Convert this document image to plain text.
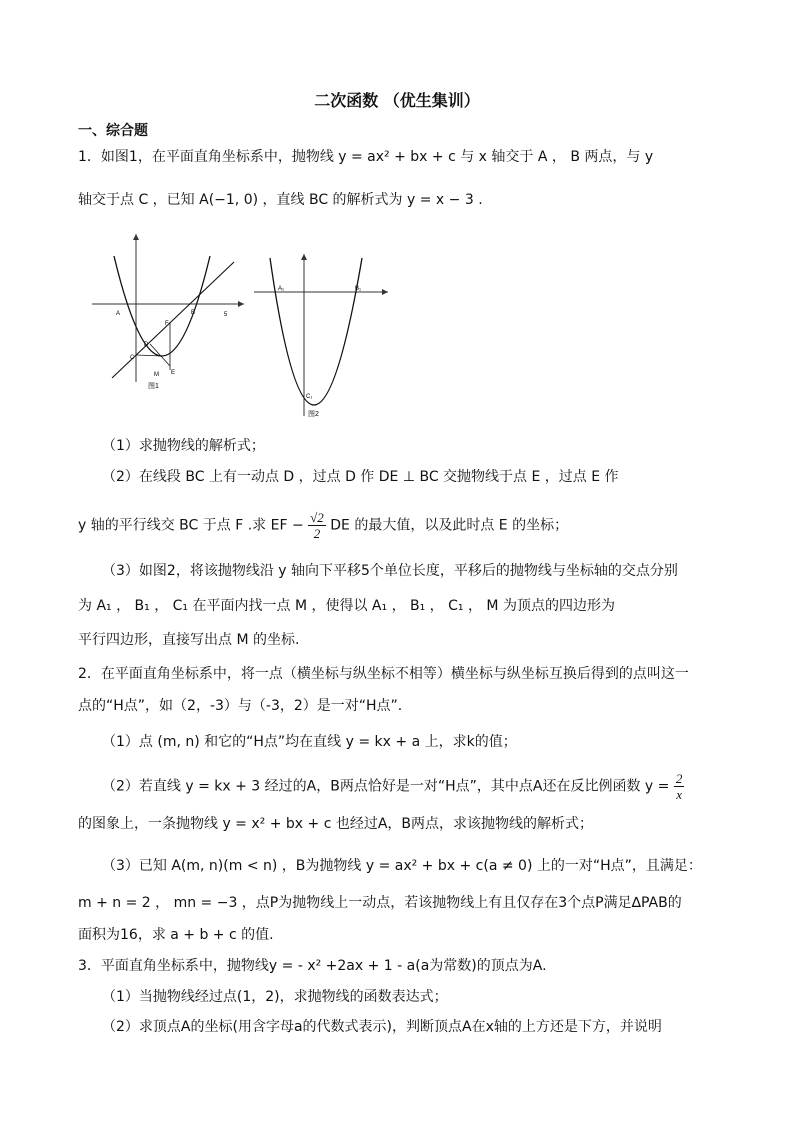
二次函数 （优生集训）
一、综合题
1．如图1，在平面直角坐标系中，抛物线 y = ax² + bx + c 与 x 轴交于 A ， B 两点，与 y
轴交于点 C ，已知 A(−1, 0) ，直线 BC 的解析式为 y = x − 3 .
A	B
C
D
E
F
M
5
图1
A₁	B₁
C₁
图2
（1）求抛物线的解析式；
（2）在线段 BC 上有一动点 D ，过点 D 作 DE ⊥ BC 交抛物线于点 E ，过点 E 作
y 轴的平行线交 BC 于点 F .求 EF − $\frac{√2}{2}$ DE 的最大值，以及此时点 E 的坐标；
（3）如图2，将该抛物线沿 y 轴向下平移5个单位长度，平移后的抛物线与坐标轴的交点分别
为 A₁ ， B₁ ， C₁ 在平面内找一点 M ，使得以 A₁ ， B₁ ， C₁ ， M 为顶点的四边形为
平行四边形，直接写出点 M 的坐标.
2．在平面直角坐标系中，将一点（横坐标与纵坐标不相等）横坐标与纵坐标互换后得到的点叫这一
点的“H点”，如（2，-3）与（-3，2）是一对“H点”.
（1）点 (m, n) 和它的“H点”均在直线 y = kx + a 上，求k的值；
（2）若直线 y = kx + 3 经过的A，B两点恰好是一对“H点”，其中点A还在反比例函数 $y = \frac{2}{x}$
的图象上，一条抛物线 y = x² + bx + c 也经过A，B两点，求该抛物线的解析式；
（3）已知 A(m, n)(m < n) ，B为抛物线 y = ax² + bx + c(a ≠ 0) 上的一对“H点”，且满足：
m + n = 2 ， mn = −3 ，点P为抛物线上一动点，若该抛物线上有且仅存在3个点P满足∆PAB的
面积为16，求 a + b + c 的值.
3．平面直角坐标系中，抛物线y = - x² +2ax + 1 - a(a为常数)的顶点为A.
（1）当抛物线经过点(1，2)，求抛物线的函数表达式；
（2）求顶点A的坐标(用含字母a的代数式表示)，判断顶点A在x轴的上方还是下方，并说明
